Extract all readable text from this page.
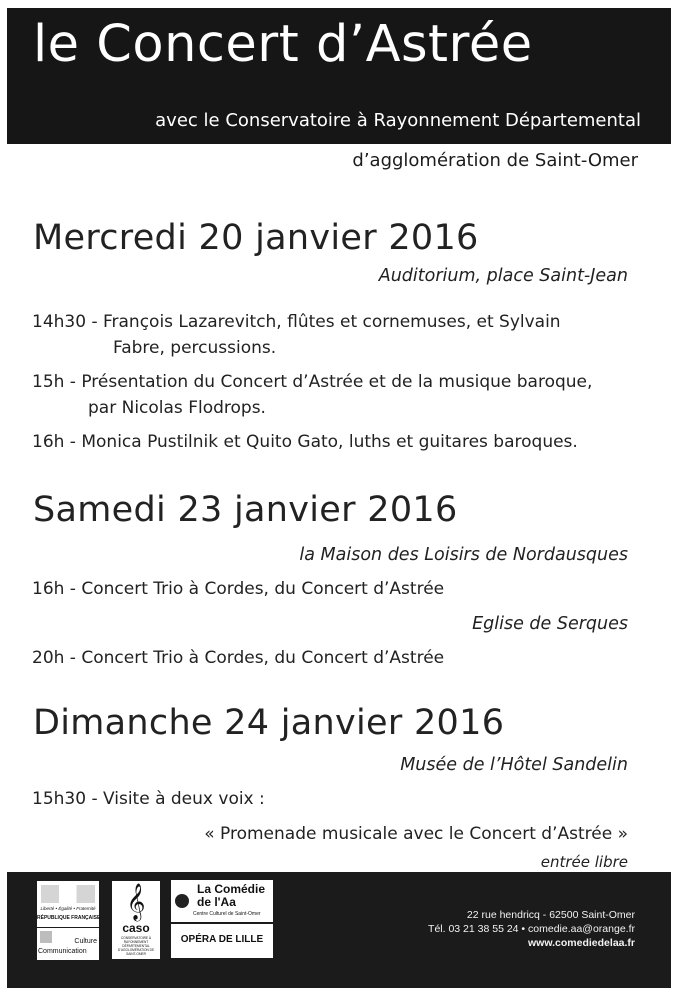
le Concert d’Astrée
avec le Conservatoire à Rayonnement Départemental
d’agglomération de Saint-Omer
Mercredi 20 janvier 2016
Auditorium, place Saint-Jean
14h30 - François Lazarevitch, flûtes et cornemuses, et Sylvain
Fabre, percussions.
15h - Présentation du Concert d’Astrée et de la musique baroque,
par Nicolas Flodrops.
16h - Monica Pustilnik et Quito Gato, luths et guitares baroques.
Samedi 23 janvier 2016
la Maison des Loisirs de Nordausques
16h - Concert Trio à Cordes, du Concert d’Astrée
Eglise de Serques
20h - Concert Trio à Cordes, du Concert d’Astrée
Dimanche 24 janvier 2016
Musée de l’Hôtel Sandelin
15h30 - Visite à deux voix :
« Promenade musicale avec le Concert d’Astrée »
entrée libre
Liberté • Égalité • Fraternité
RÉPUBLIQUE FRANÇAISE
Culture
Communication
𝄞
caso
CONSERVATOIRE À RAYONNEMENT DÉPARTEMENTAL D'AGGLOMÉRATION DE SAINT-OMER
La Comédie
de l'Aa
Centre Culturel de Saint-Omer
OPÉRA DE LILLE
22 rue hendricq - 62500 Saint-Omer
Tél. 03 21 38 55 24 • comedie.aa@orange.fr
www.comediedelaa.fr
